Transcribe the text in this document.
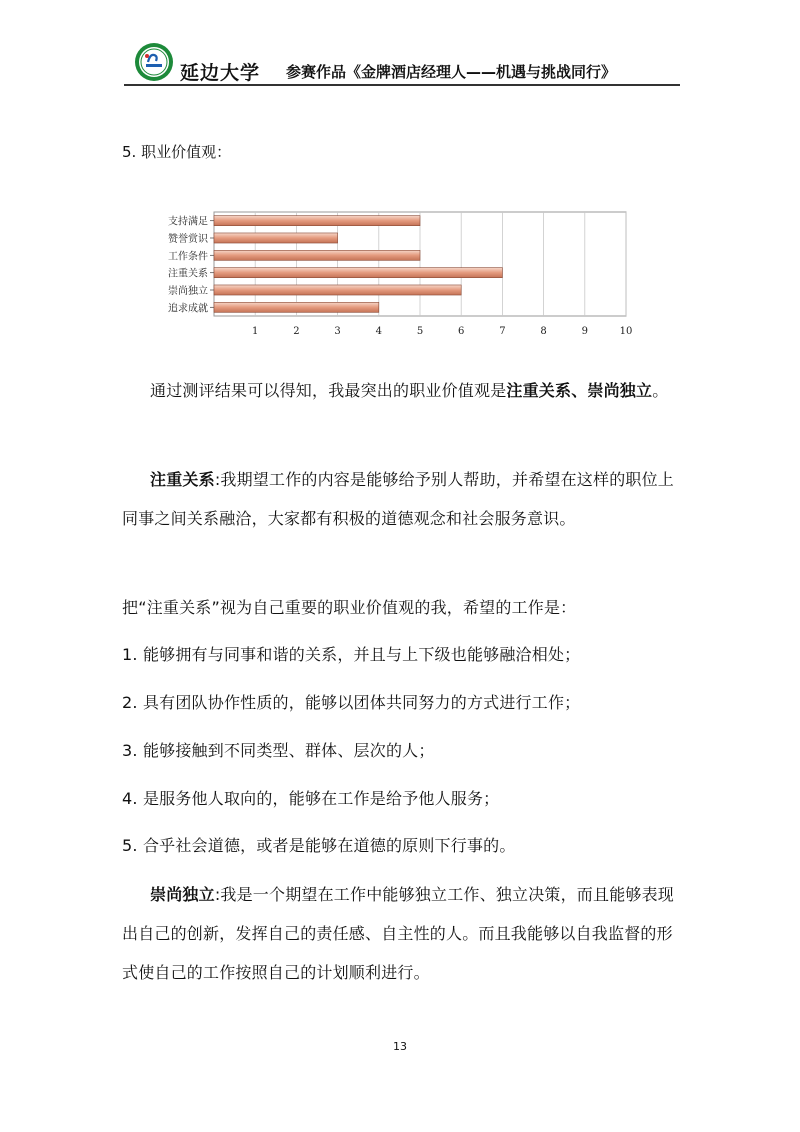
延边大学 参赛作品《金牌酒店经理人——机遇与挑战同行》
5. 职业价值观：
支持满足
赞誉赏识
工作条件
注重关系
崇尚独立
追求成就
1	2	3	4	5	6	7	8	9	10
通过测评结果可以得知，我最突出的职业价值观是注重关系、崇尚独立。
注重关系:我期望工作的内容是能够给予别人帮助，并希望在这样的职位上同事之间关系融洽，大家都有积极的道德观念和社会服务意识。
把“注重关系”视为自己重要的职业价值观的我，希望的工作是：
1. 能够拥有与同事和谐的关系，并且与上下级也能够融洽相处；
2. 具有团队协作性质的，能够以团体共同努力的方式进行工作；
3. 能够接触到不同类型、群体、层次的人；
4. 是服务他人取向的，能够在工作是给予他人服务；
5. 合乎社会道德，或者是能够在道德的原则下行事的。
崇尚独立:我是一个期望在工作中能够独立工作、独立决策，而且能够表现出自己的创新，发挥自己的责任感、自主性的人。而且我能够以自我监督的形式使自己的工作按照自己的计划顺利进行。
13
